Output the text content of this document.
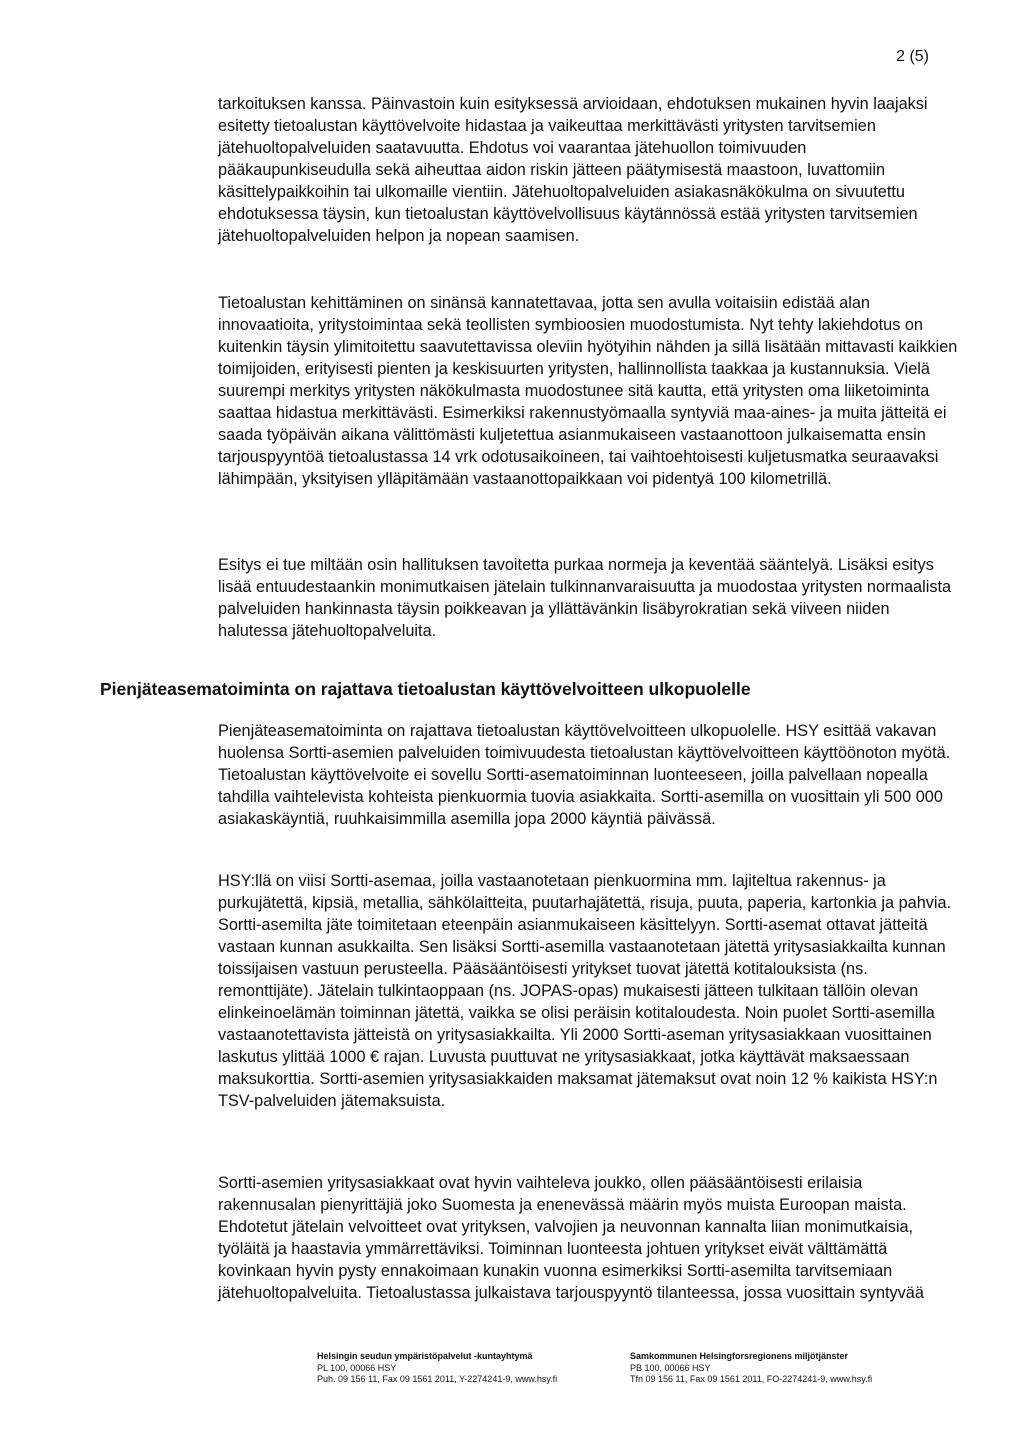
2 (5)

tarkoituksen kanssa. Päinvastoin kuin esityksessä arvioidaan, ehdotuksen mukainen hyvin laajaksi esitetty tietoalustan käyttövelvoite hidastaa ja vaikeuttaa merkittävästi yritysten tarvitsemien jätehuoltopalveluiden saatavuutta. Ehdotus voi vaarantaa jätehuollon toimivuuden pääkaupunkiseudulla sekä aiheuttaa aidon riskin jätteen päätymisestä maastoon, luvattomiin käsittelypaikkoihin tai ulkomaille vientiin. Jätehuoltopalveluiden asiakasnäkökulma on sivuutettu ehdotuksessa täysin, kun tietoalustan käyttövelvollisuus käytännössä estää yritysten tarvitsemien jätehuoltopalveluiden helpon ja nopean saamisen.

Tietoalustan kehittäminen on sinänsä kannatettavaa, jotta sen avulla voitaisiin edistää alan innovaatioita, yritystoimintaa sekä teollisten symbioosien muodostumista. Nyt tehty lakiehdotus on kuitenkin täysin ylimitoitettu saavutettavissa oleviin hyötyihin nähden ja sillä lisätään mittavasti kaikkien toimijoiden, erityisesti pienten ja keskisuurten yritysten, hallinnollista taakkaa ja kustannuksia. Vielä suurempi merkitys yritysten näkökulmasta muodostunee sitä kautta, että yritysten oma liiketoiminta saattaa hidastua merkittävästi. Esimerkiksi rakennustyömaalla syntyviä maa-aines- ja muita jätteitä ei saada työpäivän aikana välittömästi kuljetettua asianmukaiseen vastaanottoon julkaisematta ensin tarjouspyyntöä tietoalustassa 14 vrk odotusaikoineen, tai vaihtoehtoisesti kuljetusmatka seuraavaksi lähimpään, yksityisen ylläpitämään vastaanottopaikkaan voi pidentyä 100 kilometrillä.

Esitys ei tue miltään osin hallituksen tavoitetta purkaa normeja ja keventää sääntelyä. Lisäksi esitys lisää entuudestaankin monimutkaisen jätelain tulkinnanvaraisuutta ja muodostaa yritysten normaalista palveluiden hankinnasta täysin poikkeavan ja yllättävänkin lisäbyrokratian sekä viiveen niiden halutessa jätehuoltopalveluita.

Pienjäteasematoiminta on rajattava tietoalustan käyttövelvoitteen ulkopuolelle

Pienjäteasematoiminta on rajattava tietoalustan käyttövelvoitteen ulkopuolelle. HSY esittää vakavan huolensa Sortti-asemien palveluiden toimivuudesta tietoalustan käyttövelvoitteen käyttöönoton myötä. Tietoalustan käyttövelvoite ei sovellu Sortti-asematoiminnan luonteeseen, joilla palvellaan nopealla tahdilla vaihtelevista kohteista pienkuormia tuovia asiakkaita. Sortti-asemilla on vuosittain yli 500 000 asiakaskäyntiä, ruuhkaisimmilla asemilla jopa 2000 käyntiä päivässä.

HSY:llä on viisi Sortti-asemaa, joilla vastaanotetaan pienkuormina mm. lajiteltua rakennus- ja purkujätettä, kipsiä, metallia, sähkölaitteita, puutarhajätettä, risuja, puuta, paperia, kartonkia ja pahvia. Sortti-asemilta jäte toimitetaan eteenpäin asianmukaiseen käsittelyyn. Sortti-asemat ottavat jätteitä vastaan kunnan asukkailta. Sen lisäksi Sortti-asemilla vastaanotetaan jätettä yritysasiakkailta kunnan toissijaisen vastuun perusteella. Pääsääntöisesti yritykset tuovat jätettä kotitalouksista (ns. remonttijäte). Jätelain tulkintaoppaan (ns. JOPAS-opas) mukaisesti jätteen tulkitaan tällöin olevan elinkeinoelämän toiminnan jätettä, vaikka se olisi peräisin kotitaloudesta. Noin puolet Sortti-asemilla vastaanotettavista jätteistä on yritysasiakkailta. Yli 2000 Sortti-aseman yritysasiakkaan vuosittainen laskutus ylittää 1000 € rajan. Luvusta puuttuvat ne yritysasiakkaat, jotka käyttävät maksaessaan maksukorttia. Sortti-asemien yritysasiakkaiden maksamat jätemaksut ovat noin 12 % kaikista HSY:n TSV-palveluiden jätemaksuista.

Sortti-asemien yritysasiakkaat ovat hyvin vaihteleva joukko, ollen pääsääntöisesti erilaisia rakennusalan pienyrittäjiä joko Suomesta ja enenevässä määrin myös muista Euroopan maista. Ehdotetut jätelain velvoitteet ovat yrityksen, valvojien ja neuvonnan kannalta liian monimutkaisia, työläitä ja haastavia ymmärrettäviksi. Toiminnan luonteesta johtuen yritykset eivät välttämättä kovinkaan hyvin pysty ennakoimaan kunakin vuonna esimerkiksi Sortti-asemilta tarvitsemiaan jätehuoltopalveluita. Tietoalustassa julkaistava tarjouspyyntö tilanteessa, jossa vuosittain syntyvää

Helsingin seudun ympäristöpalvelut -kuntayhtymä
PL 100, 00066 HSY
Puh. 09 156 11, Fax 09 1561 2011, Y-2274241-9, www.hsy.fi
Samkommunen Helsingforsregionens miljötjänster
PB 100, 00066 HSY
Tfn 09 156 11, Fax 09 1561 2011, FO-2274241-9, www.hsy.fi
